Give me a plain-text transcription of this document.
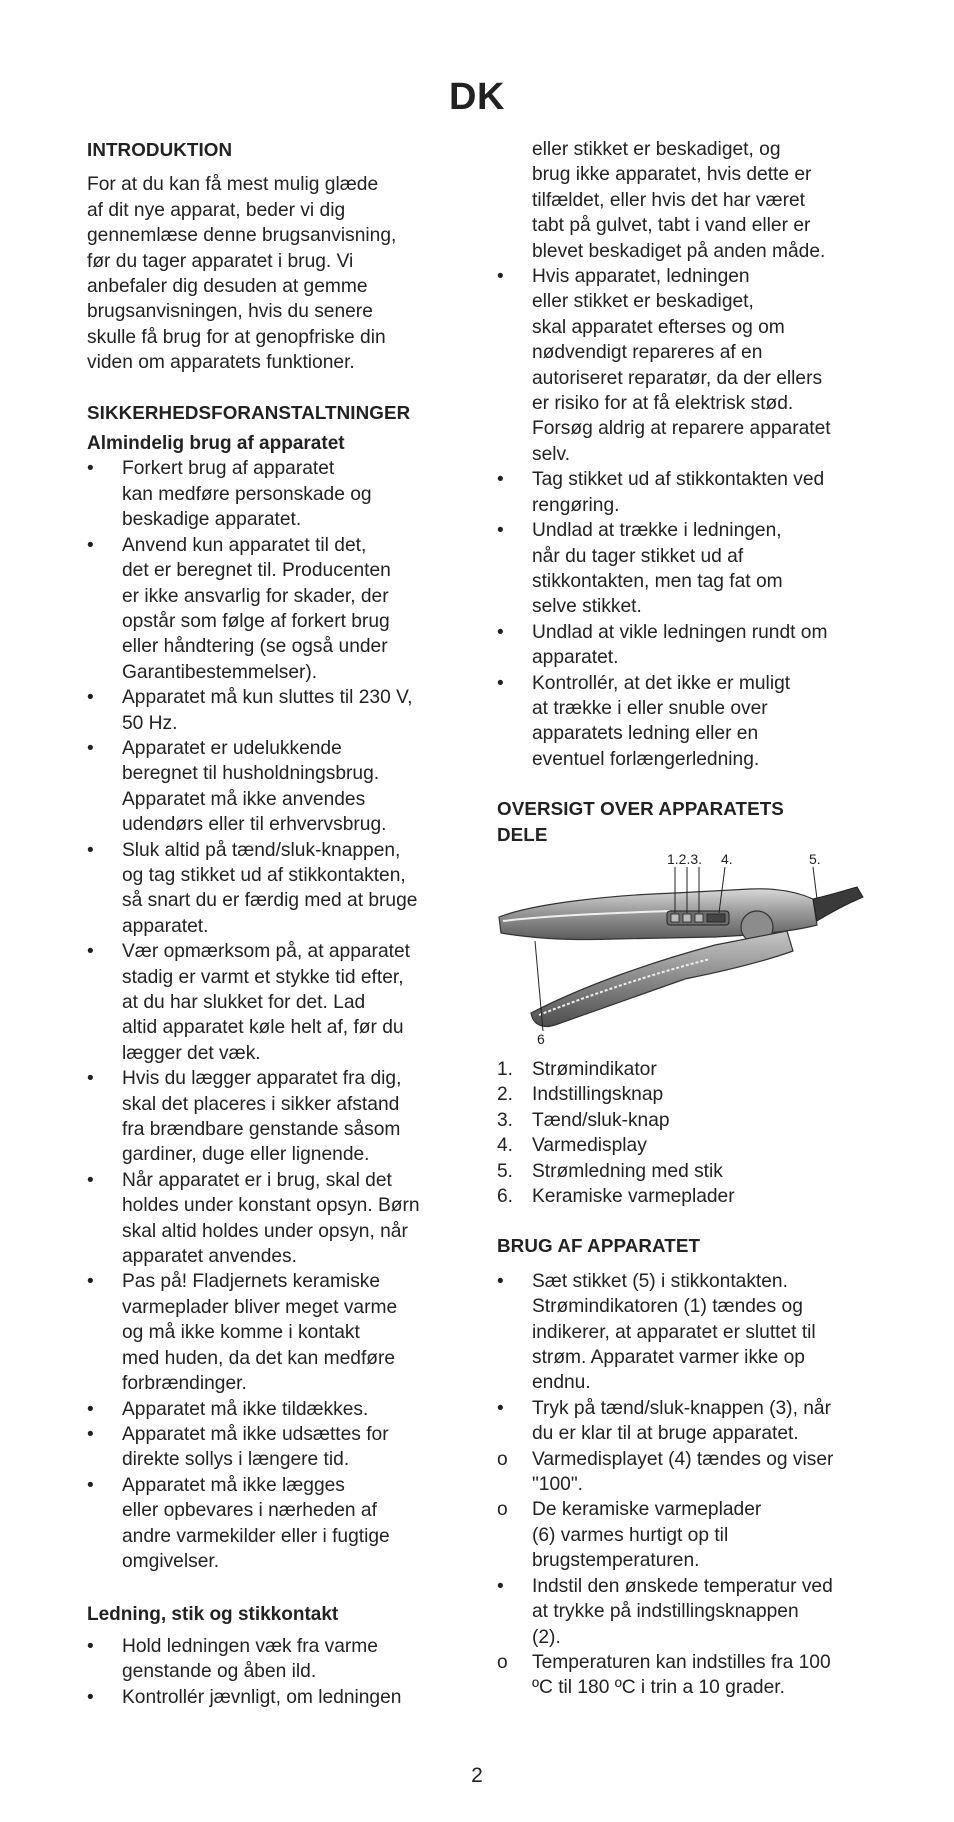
DK
INTRODUKTION

For at du kan få mest mulig glæde
af dit nye apparat, beder vi dig
gennemlæse denne brugsanvisning,
før du tager apparatet i brug. Vi
anbefaler dig desuden at gemme
brugsanvisningen, hvis du senere
skulle få brug for at genopfriske din
viden om apparatets funktioner.

SIKKERHEDSFORANSTALTNINGER
Almindelig brug af apparatet
•	Forkert brug af apparatet
kan medføre personskade og
beskadige apparatet.
•	Anvend kun apparatet til det,
det er beregnet til. Producenten
er ikke ansvarlig for skader, der
opstår som følge af forkert brug
eller håndtering (se også under
Garantibestemmelser).
•	Apparatet må kun sluttes til 230 V,
50 Hz.
•	Apparatet er udelukkende
beregnet til husholdningsbrug.
Apparatet må ikke anvendes
udendørs eller til erhvervsbrug.
•	Sluk altid på tænd/sluk-knappen,
og tag stikket ud af stikkontakten,
så snart du er færdig med at bruge
apparatet.
•	Vær opmærksom på, at apparatet
stadig er varmt et stykke tid efter,
at du har slukket for det. Lad
altid apparatet køle helt af, før du
lægger det væk.
•	Hvis du lægger apparatet fra dig,
skal det placeres i sikker afstand
fra brændbare genstande såsom
gardiner, duge eller lignende.
•	Når apparatet er i brug, skal det
holdes under konstant opsyn. Børn
skal altid holdes under opsyn, når
apparatet anvendes.
•	Pas på! Fladjernets keramiske
varmeplader bliver meget varme
og må ikke komme i kontakt
med huden, da det kan medføre
forbrændinger.
•	Apparatet må ikke tildækkes.
•	Apparatet må ikke udsættes for
direkte sollys i længere tid.
•	Apparatet må ikke lægges
eller opbevares i nærheden af
andre varmekilder eller i fugtige
omgivelser.
Ledning, stik og stikkontakt
•	Hold ledningen væk fra varme
genstande og åben ild.
•	Kontrollér jævnligt, om ledningen
eller stikket er beskadiget, og
brug ikke apparatet, hvis dette er
tilfældet, eller hvis det har været
tabt på gulvet, tabt i vand eller er
blevet beskadiget på anden måde.
•	Hvis apparatet, ledningen
eller stikket er beskadiget,
skal apparatet efterses og om
nødvendigt repareres af en
autoriseret reparatør, da der ellers
er risiko for at få elektrisk stød.
Forsøg aldrig at reparere apparatet
selv.
•	Tag stikket ud af stikkontakten ved
rengøring.
•	Undlad at trække i ledningen,
når du tager stikket ud af
stikkontakten, men tag fat om
selve stikket.
•	Undlad at vikle ledningen rundt om
apparatet.
•	Kontrollér, at det ikke er muligt
at trække i eller snuble over
apparatets ledning eller en
eventuel forlængerledning.
OVERSIGT OVER APPARATETS
DELE
1.2.3. 4.	5.
6
1. Strømindikator
2. Indstillingsknap
3. Tænd/sluk-knap
4. Varmedisplay
5. Strømledning med stik
6. Keramiske varmeplader
BRUG AF APPARATET
•	Sæt stikket (5) i stikkontakten.
Strømindikatoren (1) tændes og
indikerer, at apparatet er sluttet til
strøm. Apparatet varmer ikke op
endnu.
•	Tryk på tænd/sluk-knappen (3), når
du er klar til at bruge apparatet.
o	Varmedisplayet (4) tændes og viser
"100".
o	De keramiske varmeplader
(6) varmes hurtigt op til
brugstemperaturen.
•	Indstil den ønskede temperatur ved
at trykke på indstillingsknappen
(2).
o	Temperaturen kan indstilles fra 100
ºC til 180 ºC i trin a 10 grader.
2
